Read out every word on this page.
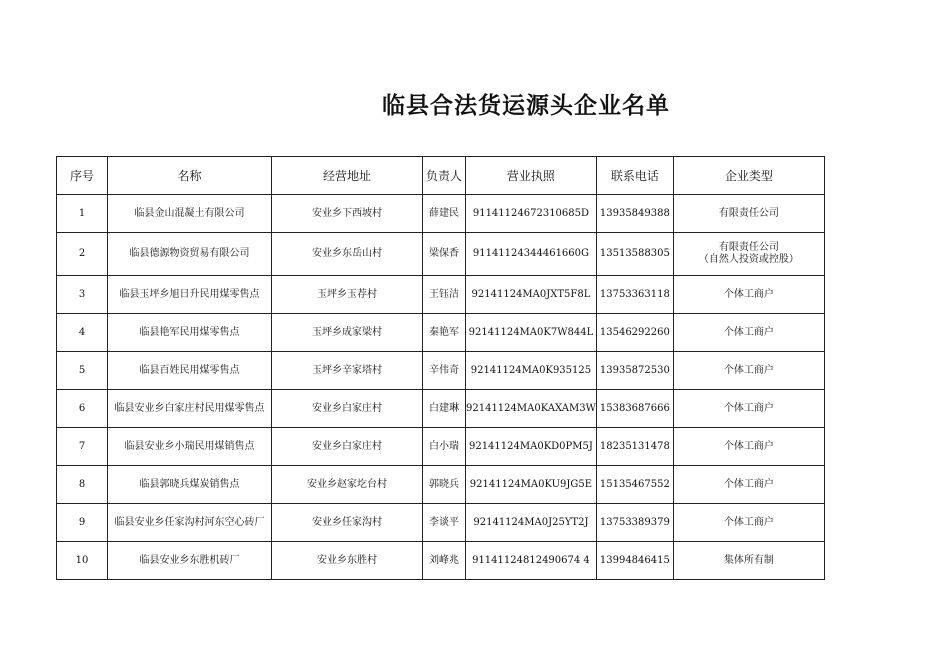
临县合法货运源头企业名单
序号	名称	经营地址	负责人	营业执照	联系电话	企业类型
1	临县金山混凝土有限公司	安业乡下西坡村	薛建民	91141124672310685D	13935849388	有限责任公司
2	临县德源物资贸易有限公司	安业乡东岳山村	梁保香	91141124344461660G	13513588305	有限责任公司
（自然人投资或控股）

3	临县玉坪乡旭日升民用煤零售点	玉坪乡玉荐村	王钰洁	92141124MA0JXT5F8L	13753363118	个体工商户
4	临县艳军民用煤零售点	玉坪乡成家梁村	秦艳军	92141124MA0K7W844L	13546292260	个体工商户
5	临县百姓民用煤零售点	玉坪乡辛家塔村	辛伟奇	92141124MA0K935125	13935872530	个体工商户
6	临县安业乡白家庄村民用煤零售点	安业乡白家庄村	白建琳	92141124MA0KAXAM3W	15383687666	个体工商户
7	临县安业乡小瑞民用煤销售点	安业乡白家庄村	白小瑞	92141124MA0KD0PM5J	18235131478	个体工商户
8	临县郭晓兵煤炭销售点	安业乡赵家圪台村	郭晓兵	92141124MA0KU9JG5E	15135467552	个体工商户
9	临县安业乡任家沟村河东空心砖厂	安业乡任家沟村	李谈平	92141124MA0J25YT2J	13753389379	个体工商户
10	临县安业乡东胜机砖厂	安业乡东胜村	刘峰兆	91141124812490674 4	13994846415	集体所有制
